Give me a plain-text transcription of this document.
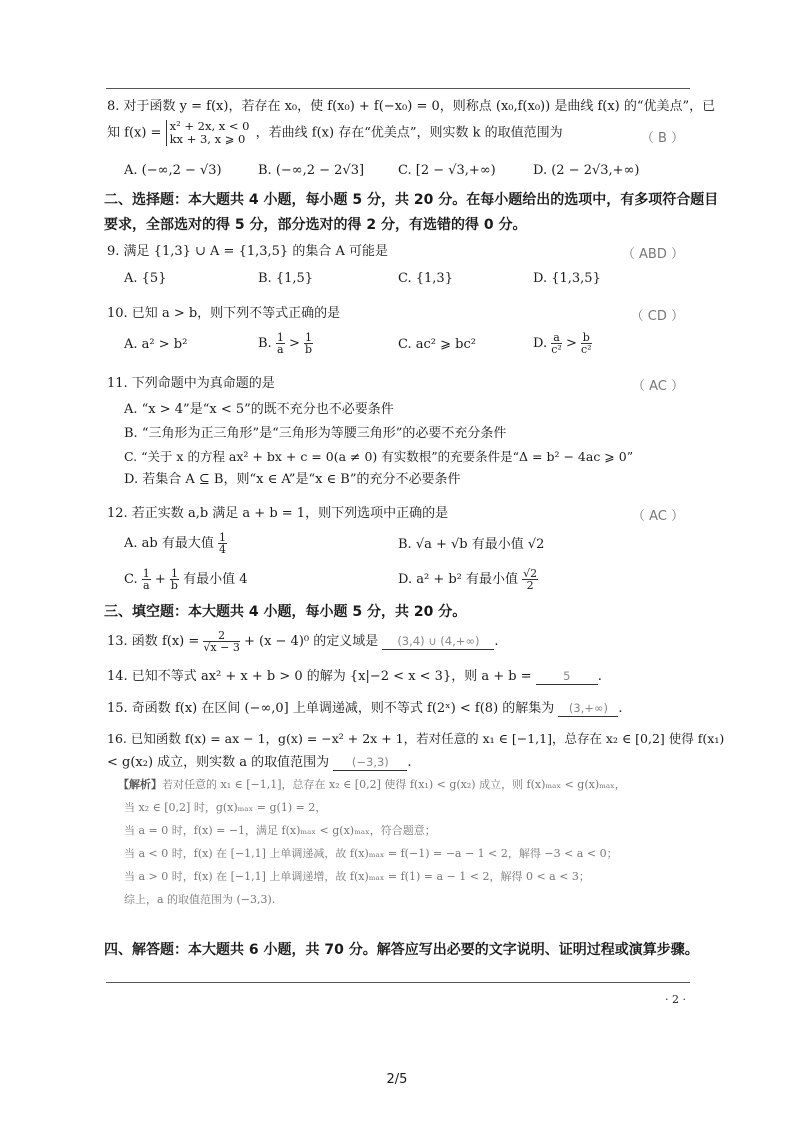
8. 对于函数 y = f(x)，若存在 x₀，使 f(x₀) + f(−x₀) = 0，则称点 (x₀,f(x₀)) 是曲线 f(x) 的“优美点”，已
知 f(x) = x² + 2x, x < 0
kx + 3, x ⩾ 0 ，若曲线 f(x) 存在“优美点”，则实数 k 的取值范围为	（ B ）
A. (−∞,2 − √3)	B. (−∞,2 − 2√3]	C. [2 − √3,+∞)	D. (2 − 2√3,+∞)
二、选择题：本大题共 4 小题，每小题 5 分，共 20 分。在每小题给出的选项中，有多项符合题目
要求，全部选对的得 5 分，部分选对的得 2 分，有选错的得 0 分。
9. 满足 {1,3} ∪ A = {1,3,5} 的集合 A 可能是	（ ABD ）
A. {5}	B. {1,5}	C. {1,3}	D. {1,3,5}
10. 已知 a > b，则下列不等式正确的是	（ CD ）
A. a² > b²	B. $\frac{1}{a} > \frac{1}{b}$	C. ac² ⩾ bc²	D. $\frac{a}{\text{c²}} > \frac{b}{\text{c²}}$
11. 下列命题中为真命题的是	（ AC ）
A. “x > 4”是“x < 5”的既不充分也不必要条件
B. “三角形为正三角形”是“三角形为等腰三角形”的必要不充分条件
C. “关于 x 的方程 ax² + bx + c = 0(a ≠ 0) 有实数根”的充要条件是“Δ = b² − 4ac ⩾ 0”
D. 若集合 A ⊆ B，则“x ∈ A”是“x ∈ B”的充分不必要条件
12. 若正实数 a,b 满足 a + b = 1，则下列选项中正确的是	（ AC ）
A. ab 有最大值 $\frac{1}{4}$	B. √a + √b 有最小值 √2
C. $\frac{1}{a} + \frac{1}{b}$ 有最小值 4	D. a² + b² 有最小值 $\frac{√2}{2}$
三、填空题：本大题共 4 小题，每小题 5 分，共 20 分。
13. 函数 $f(x) = \frac{2}{√x - 3} + (x - 4)^0$ 的定义域是 (3,4) ∪ (4,+∞) .
14. 已知不等式 ax² + x + b > 0 的解为 {x|−2 < x < 3}，则 a + b =	5 .
15. 奇函数 f(x) 在区间 (−∞,0] 上单调递减，则不等式 f(2ˣ) < f(8) 的解集为 (3,+∞) .
16. 已知函数 f(x) = ax − 1，g(x) = −x² + 2x + 1，若对任意的 x₁ ∈ [−1,1]，总存在 x₂ ∈ [0,2] 使得 f(x₁)
< g(x₂) 成立，则实数 a 的取值范围为 (−3,3) .
【解析】若对任意的 x₁ ∈ [−1,1]，总存在 x₂ ∈ [0,2] 使得 f(x₁) < g(x₂) 成立，则 f(x)ₘₐₓ < g(x)ₘₐₓ，
当 x₂ ∈ [0,2] 时，g(x)ₘₐₓ = g(1) = 2，
当 a = 0 时，f(x) = −1，满足 f(x)ₘₐₓ < g(x)ₘₐₓ，符合题意；
当 a < 0 时，f(x) 在 [−1,1] 上单调递减，故 f(x)ₘₐₓ = f(−1) = −a − 1 < 2，解得 −3 < a < 0；
当 a > 0 时，f(x) 在 [−1,1] 上单调递增，故 f(x)ₘₐₓ = f(1) = a − 1 < 2，解得 0 < a < 3；
综上，a 的取值范围为 (−3,3).
四、解答题：本大题共 6 小题，共 70 分。解答应写出必要的文字说明、证明过程或演算步骤。
· 2 ·
2/5
